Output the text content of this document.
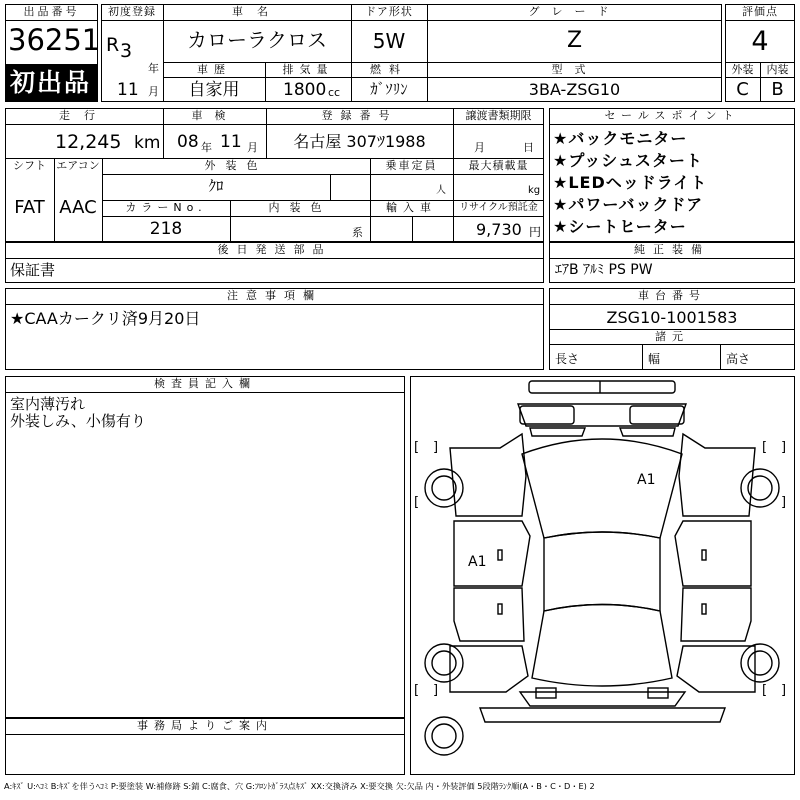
出品番号
36251
初出品
初度登録
R 3
年
11 月
車名
カローラクロス
ドア形状
5W
グレード
Z
車歴
自家用
排気量
1800 cc
燃料
ｶﾞｿﾘﾝ
型式
3BA-ZSG10
評価点
4
外装	内装
C	B
走行
12,245 km
車検
08 年 11 月
登録番号
名古屋 307ﾂ1988
譲渡書類期限
月	日
シフト
FAT
エアコン
AAC
外装色
ｸﾛ
乗車定員
人
最大積載量
kg
カラーNo.
218
内装色
系
輸入車	リサイクル預託金
9,730 円
後日発送部品
保証書
セールスポイント
★バックモニター
★プッシュスタート
★LEDヘッドライト
★パワーバックドア
★シートヒーター
純正装備
ｴｱB ｱﾙﾐ PS PW
注意事項欄
★CAAカークリ済9月20日
車台番号
ZSG10-1001583
諸元
長さ	幅	高さ
検査員記入欄
室内薄汚れ
外装しみ、小傷有り
事務局よりご案内
[ ]	[ ]
[	]
[ ]	[ ]
A1
A1
A:ｷｽﾞ U:ﾍｺﾐ B:ｷｽﾞを伴うﾍｺﾐ P:要塗装 W:補修跡 S:錆 C:腐食、穴 G:ﾌﾛﾝﾄｶﾞﾗｽ点ｷｽﾞ XX:交換済み X:要交換 欠:欠品 内・外装評価 5段階ﾗﾝｸ順(A・B・C・D・E) 2
